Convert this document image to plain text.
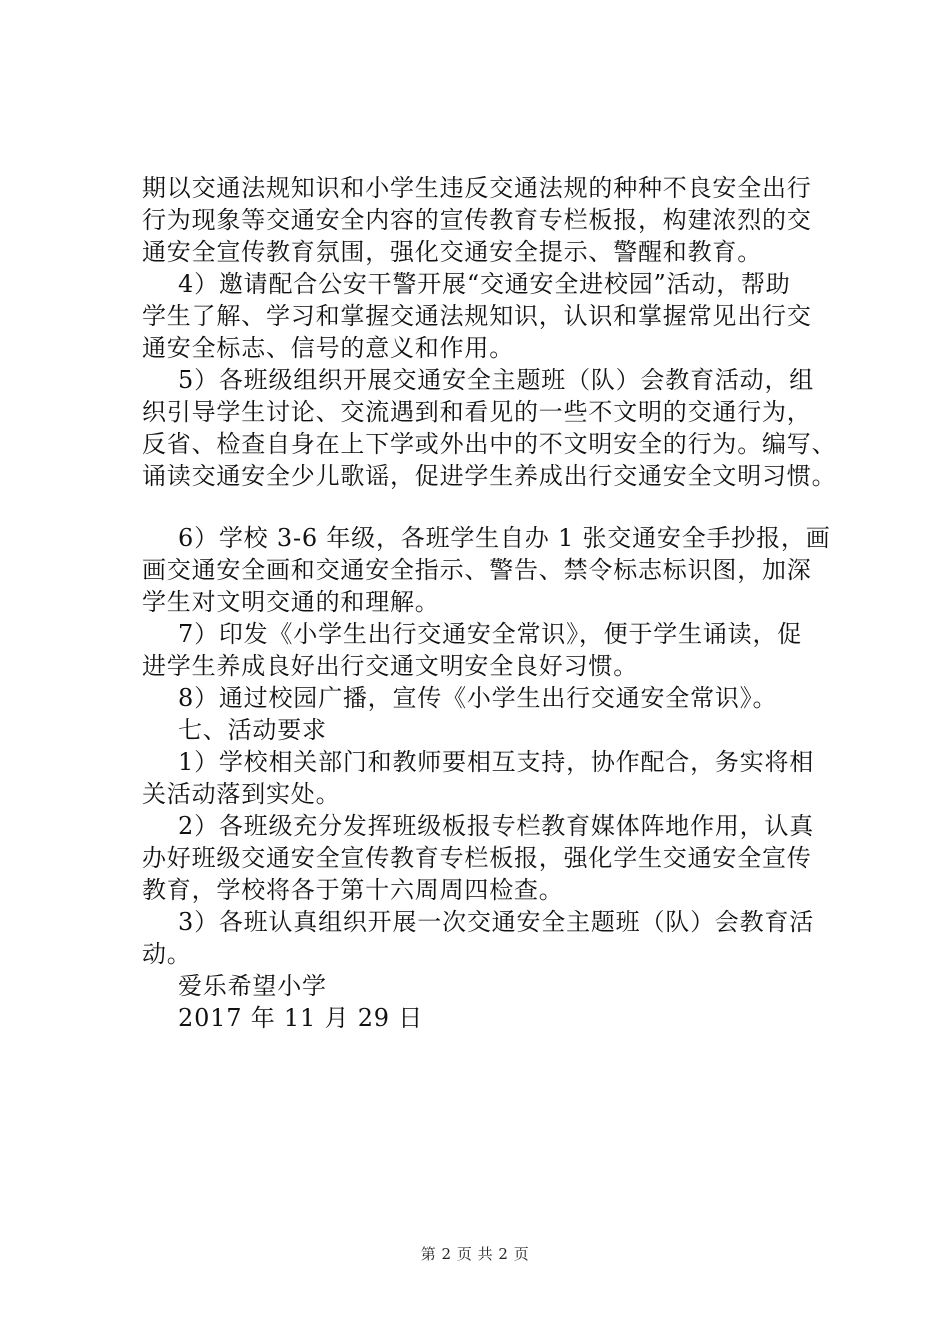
期以交通法规知识和小学生违反交通法规的种种不良安全出行
行为现象等交通安全内容的宣传教育专栏板报，构建浓烈的交
通安全宣传教育氛围，强化交通安全提示、警醒和教育。
4）邀请配合公安干警开展“交通安全进校园”活动，帮助
学生了解、学习和掌握交通法规知识，认识和掌握常见出行交
通安全标志、信号的意义和作用。
5）各班级组织开展交通安全主题班（队）会教育活动，组
织引导学生讨论、交流遇到和看见的一些不文明的交通行为，
反省、检查自身在上下学或外出中的不文明安全的行为。编写、
诵读交通安全少儿歌谣，促进学生养成出行交通安全文明习惯。
6）学校 3-6 年级，各班学生自办 1 张交通安全手抄报，画
画交通安全画和交通安全指示、警告、禁令标志标识图，加深
学生对文明交通的和理解。
7）印发《小学生出行交通安全常识》，便于学生诵读，促
进学生养成良好出行交通文明安全良好习惯。
8）通过校园广播，宣传《小学生出行交通安全常识》。
七、活动要求
1）学校相关部门和教师要相互支持，协作配合，务实将相
关活动落到实处。
2）各班级充分发挥班级板报专栏教育媒体阵地作用，认真
办好班级交通安全宣传教育专栏板报，强化学生交通安全宣传
教育，学校将各于第十六周周四检查。
3）各班认真组织开展一次交通安全主题班（队）会教育活
动。
爱乐希望小学
2017 年 11 月 29 日
第 2 页 共 2 页
